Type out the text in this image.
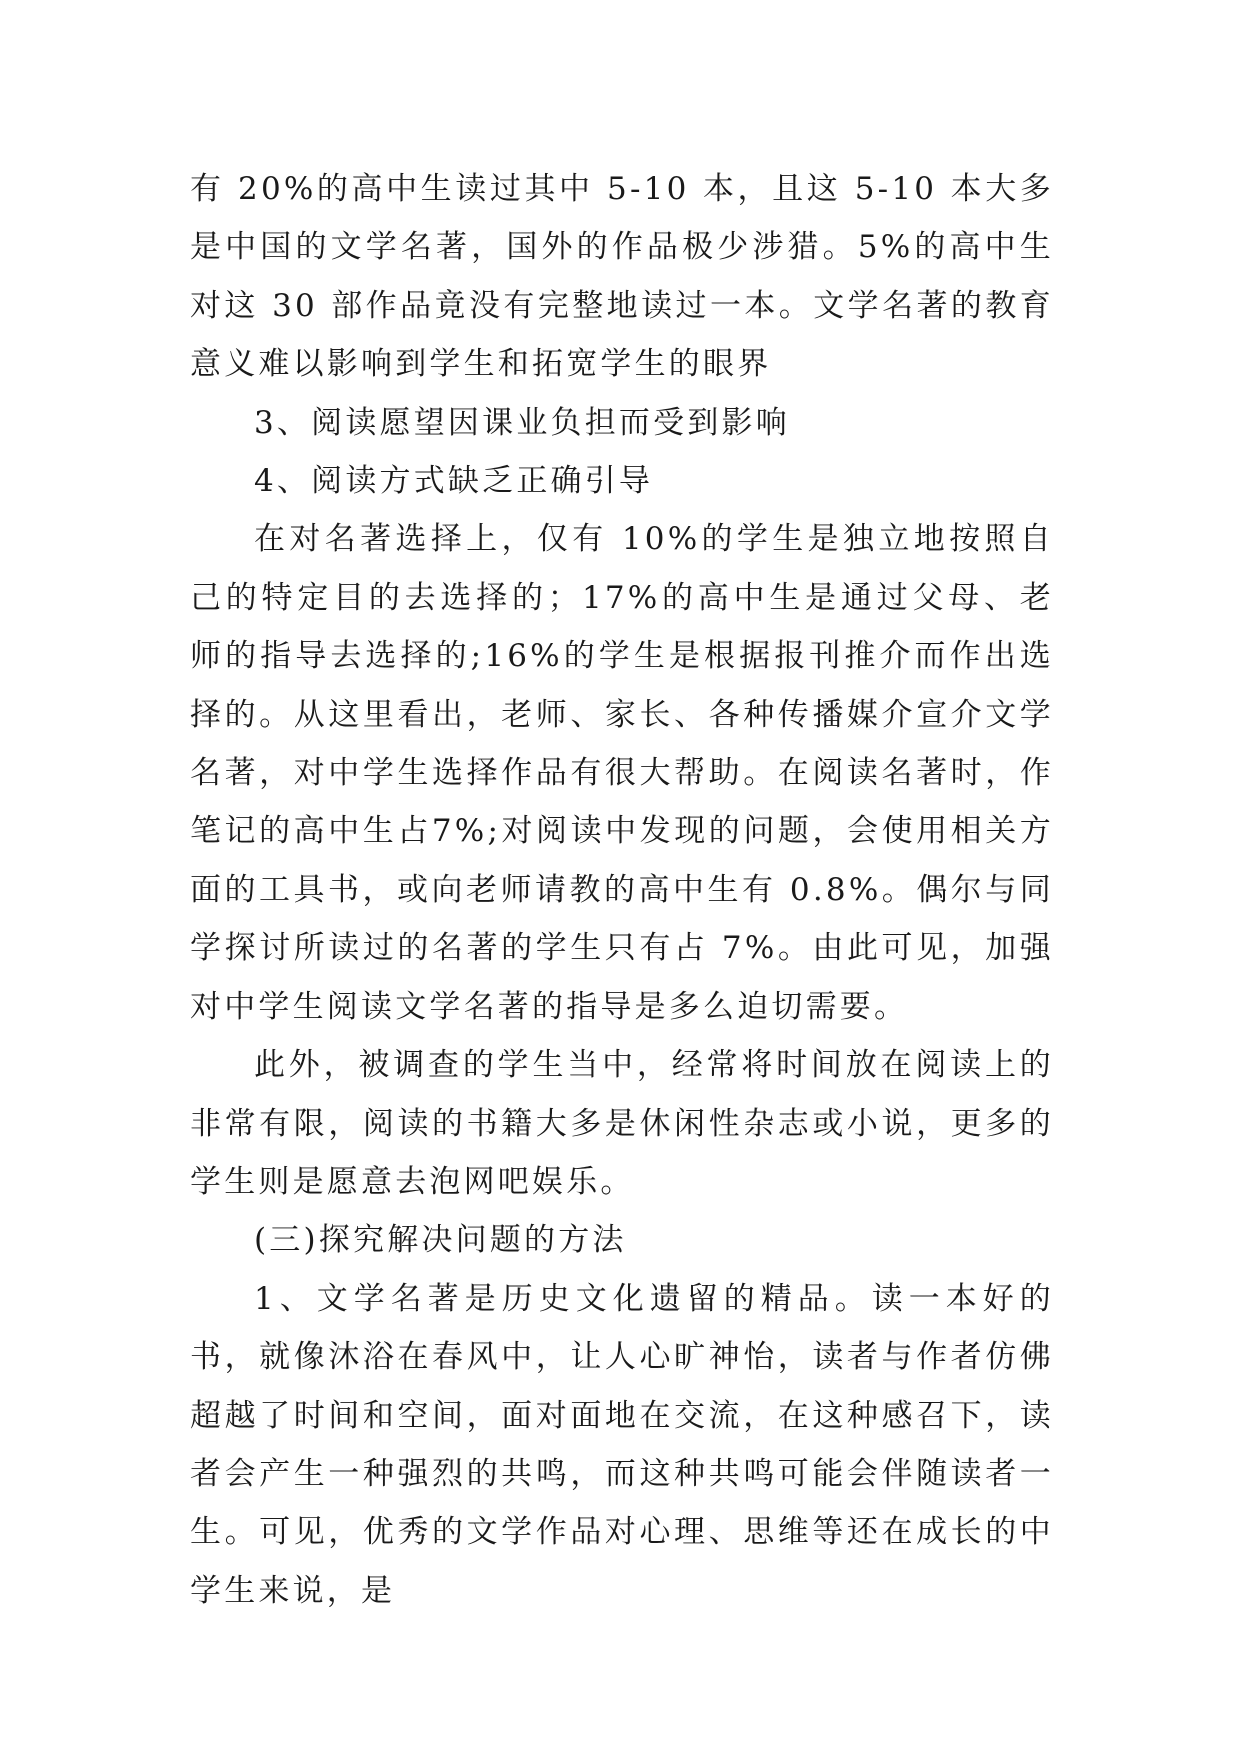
有 20%的高中生读过其中 5-10 本，且这 5-10 本大多是中国的文学名著，国外的作品极少涉猎。5%的高中生对这 30 部作品竟没有完整地读过一本。文学名著的教育意义难以影响到学生和拓宽学生的眼界

3、阅读愿望因课业负担而受到影响

4、阅读方式缺乏正确引导

在对名著选择上，仅有 10%的学生是独立地按照自己的特定目的去选择的；17%的高中生是通过父母、老师的指导去选择的;16%的学生是根据报刊推介而作出选择的。从这里看出，老师、家长、各种传播媒介宣介文学名著，对中学生选择作品有很大帮助。在阅读名著时，作笔记的高中生占7%;对阅读中发现的问题，会使用相关方面的工具书，或向老师请教的高中生有 0.8%。偶尔与同学探讨所读过的名著的学生只有占 7%。由此可见，加强对中学生阅读文学名著的指导是多么迫切需要。

此外，被调查的学生当中，经常将时间放在阅读上的非常有限，阅读的书籍大多是休闲性杂志或小说，更多的学生则是愿意去泡网吧娱乐。

(三)探究解决问题的方法

1、文学名著是历史文化遗留的精品。读一本好的书，就像沐浴在春风中，让人心旷神怡，读者与作者仿佛超越了时间和空间，面对面地在交流，在这种感召下，读者会产生一种强烈的共鸣，而这种共鸣可能会伴随读者一生。可见，优秀的文学作品对心理、思维等还在成长的中学生来说，是
